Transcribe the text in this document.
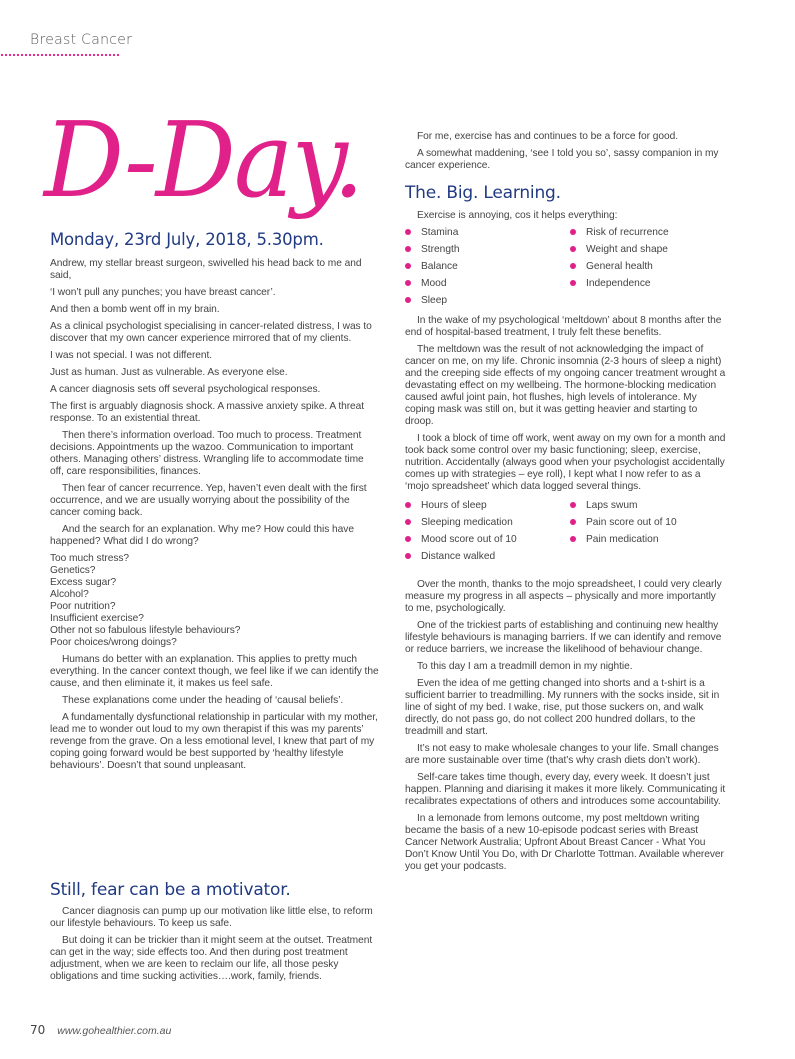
Breast Cancer
D-Day.
Monday, 23rd July, 2018, 5.30pm.

Andrew, my stellar breast surgeon, swivelled his head back to me and said,

‘I won’t pull any punches; you have breast cancer’.

And then a bomb went off in my brain.

As a clinical psychologist specialising in cancer-related distress, I was to discover that my own cancer experience mirrored that of my clients.

I was not special. I was not different.

Just as human. Just as vulnerable. As everyone else.

A cancer diagnosis sets off several psychological responses.

The first is arguably diagnosis shock. A massive anxiety spike. A threat response. To an existential threat.

Then there’s information overload. Too much to process. Treatment decisions. Appointments up the wazoo. Communication to important others. Managing others’ distress. Wrangling life to accommodate time off, care responsibilities, finances.

Then fear of cancer recurrence. Yep, haven’t even dealt with the first occurrence, and we are usually worrying about the possibility of the cancer coming back.

And the search for an explanation. Why me? How could this have happened? What did I do wrong?

Too much stress?

Genetics?

Excess sugar?

Alcohol?

Poor nutrition?

Insufficient exercise?

Other not so fabulous lifestyle behaviours?

Poor choices/wrong doings?

Humans do better with an explanation. This applies to pretty much everything. In the cancer context though, we feel like if we can identify the cause, and then eliminate it, it makes us feel safe.

These explanations come under the heading of ‘causal beliefs’.

A fundamentally dysfunctional relationship in particular with my mother, lead me to wonder out loud to my own therapist if this was my parents’ revenge from the grave. On a less emotional level, I knew that part of my coping going forward would be best supported by ‘healthy lifestyle behaviours’. Doesn’t that sound unpleasant.

Still, fear can be a motivator.

Cancer diagnosis can pump up our motivation like little else, to reform our lifestyle behaviours. To keep us safe.

But doing it can be trickier than it might seem at the outset. Treatment can get in the way; side effects too. And then during post treatment adjustment, when we are keen to reclaim our life, all those pesky obligations and time sucking activities….work, family, friends.

For me, exercise has and continues to be a force for good.

A somewhat maddening, ‘see I told you so’, sassy companion in my cancer experience.

The. Big. Learning.

Exercise is annoying, cos it helps everything:

Stamina
Strength
Balance
Mood
Sleep
Risk of recurrence
Weight and shape
General health
Independence

In the wake of my psychological ‘meltdown’ about 8 months after the end of hospital-based treatment, I truly felt these benefits.

The meltdown was the result of not acknowledging the impact of cancer on me, on my life. Chronic insomnia (2-3 hours of sleep a night) and the creeping side effects of my ongoing cancer treatment wrought a devastating effect on my wellbeing. The hormone-blocking medication caused awful joint pain, hot flushes, high levels of intolerance. My coping mask was still on, but it was getting heavier and starting to droop.

I took a block of time off work, went away on my own for a month and took back some control over my basic functioning; sleep, exercise, nutrition. Accidentally (always good when your psychologist accidentally comes up with strategies – eye roll), I kept what I now refer to as a ‘mojo spreadsheet’ which data logged several things.

Hours of sleep
Sleeping medication
Mood score out of 10
Distance walked
Laps swum
Pain score out of 10
Pain medication

Over the month, thanks to the mojo spreadsheet, I could very clearly measure my progress in all aspects – physically and more importantly to me, psychologically.

One of the trickiest parts of establishing and continuing new healthy lifestyle behaviours is managing barriers. If we can identify and remove or reduce barriers, we increase the likelihood of behaviour change.

To this day I am a treadmill demon in my nightie.

Even the idea of me getting changed into shorts and a t-shirt is a sufficient barrier to treadmilling. My runners with the socks inside, sit in line of sight of my bed. I wake, rise, put those suckers on, and walk directly, do not pass go, do not collect 200 hundred dollars, to the treadmill and start.

It’s not easy to make wholesale changes to your life. Small changes are more sustainable over time (that’s why crash diets don’t work).

Self-care takes time though, every day, every week. It doesn’t just happen. Planning and diarising it makes it more likely. Communicating it recalibrates expectations of others and introduces some accountability.

In a lemonade from lemons outcome, my post meltdown writing became the basis of a new 10-episode podcast series with Breast Cancer Network Australia; Upfront About Breast Cancer - What You Don’t Know Until You Do, with Dr Charlotte Tottman. Available wherever you get your podcasts.

70 www.gohealthier.com.au
